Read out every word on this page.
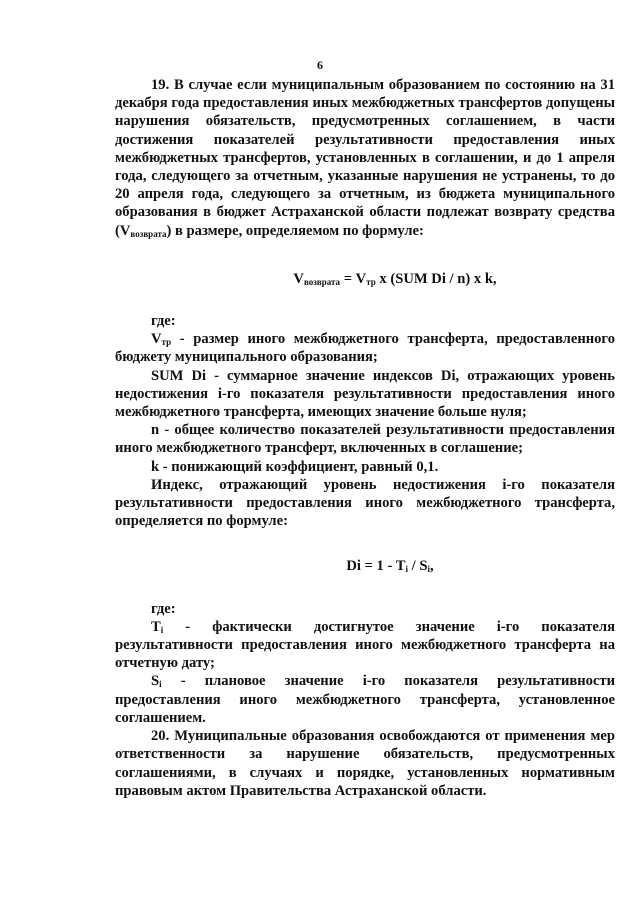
6

19. В случае если муниципальным образованием по состоянию на 31 декабря года предоставления иных межбюджетных трансфертов допущены нарушения обязательств, предусмотренных соглашением, в части достижения показателей результативности предоставления иных межбюджетных трансфертов, установленных в соглашении, и до 1 апреля года, следующего за отчетным, указанные нарушения не устранены, то до 20 апреля года, следующего за отчетным, из бюджета муниципального образования в бюджет Астраханской области подлежат возврату средства $(V_{возврата})$ в размере, определяемом по формуле:

$V_{возврата} = V_{тр}$ x (SUM Di / n) x k,

где:

$V_{тр}$ - размер иного межбюджетного трансферта, предоставленного бюджету муниципального образования;

SUM Di - суммарное значение индексов Di, отражающих уровень недостижения i-го показателя результативности предоставления иного межбюджетного трансферта, имеющих значение больше нуля;

n - общее количество показателей результативности предоставления иного межбюджетного трансферт, включенных в соглашение;

k - понижающий коэффициент, равный 0,1.

Индекс, отражающий уровень недостижения i-го показателя результативности предоставления иного межбюджетного трансферта, определяется по формуле:

$Di = 1 - T_i / S_i$,

где:

$T_i$ - фактически достигнутое значение i-го показателя результативности предоставления иного межбюджетного трансферта на отчетную дату;

$S_i$ - плановое значение i-го показателя результативности предоставления иного межбюджетного трансферта, установленное соглашением.

20. Муниципальные образования освобождаются от применения мер ответственности за нарушение обязательств, предусмотренных соглашениями, в случаях и порядке, установленных нормативным правовым актом Правительства Астраханской области.
